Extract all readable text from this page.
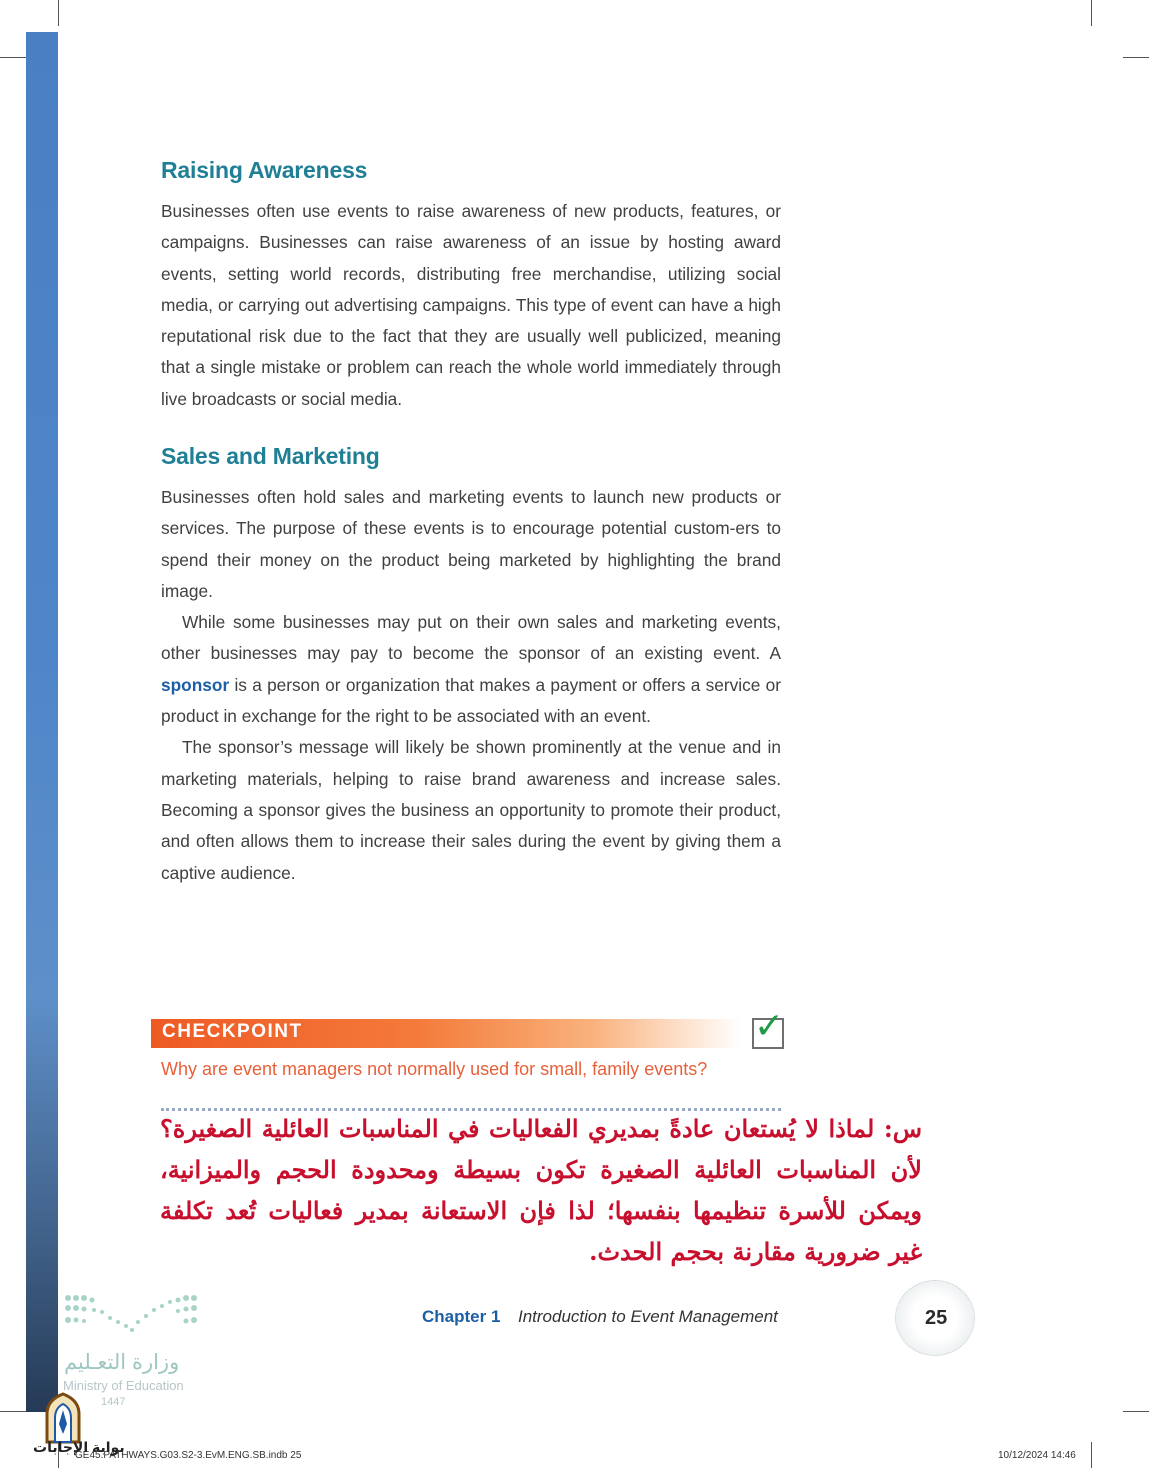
Raising Awareness

Businesses often use events to raise awareness of new products, features, or campaigns. Businesses can raise awareness of an issue by hosting award events, setting world records, distributing free merchandise, utilizing social media, or carrying out advertising campaigns. This type of event can have a high reputational risk due to the fact that they are usually well publicized, meaning that a single mistake or problem can reach the whole world immediately through live broadcasts or social media.

Sales and Marketing

Businesses often hold sales and marketing events to launch new products or services. The purpose of these events is to encourage potential custom-ers to spend their money on the product being marketed by highlighting the brand image.

While some businesses may put on their own sales and marketing events, other businesses may pay to become the sponsor of an existing event. A sponsor is a person or organization that makes a payment or offers a service or product in exchange for the right to be associated with an event.

The sponsor’s message will likely be shown prominently at the venue and in marketing materials, helping to raise brand awareness and increase sales. Becoming a sponsor gives the business an opportunity to promote their product, and often allows them to increase their sales during the event by giving them a captive audience.

CHECKPOINT	✓
Why are event managers not normally used for small, family events?
س: لماذا لا يُستعان عادةً بمديري الفعاليات في المناسبات العائلية الصغيرة؟ لأن المناسبات العائلية الصغيرة تكون بسيطة ومحدودة الحجم والميزانية، ويمكن للأسرة تنظيمها بنفسها؛ لذا فإن الاستعانة بمدير فعاليات تُعد تكلفة غير ضرورية مقارنة بحجم الحدث.
Chapter 1 Introduction to Event Management	25
وزارة التعـليم
Ministry of Education
1447
بوابة الإجابات
GE45.PATHWAYS.G03.S2-3.EvM.ENG.SB.indb 25	10/12/2024 14:46
